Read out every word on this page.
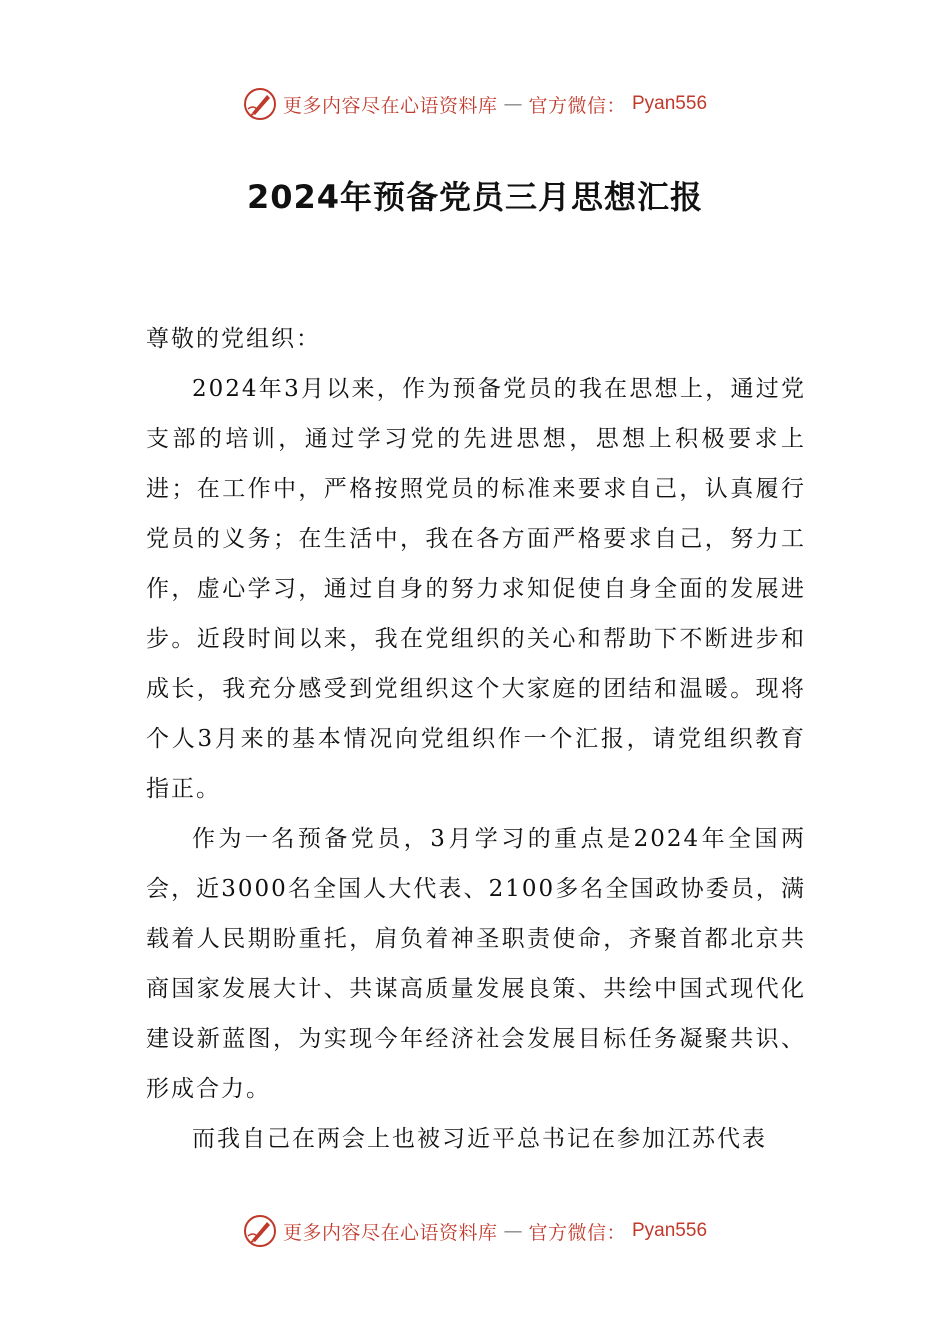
更多内容尽在心语资料库 — 官方微信： Pyan556
2024年预备党员三月思想汇报

尊敬的党组织：

2024年3月以来，作为预备党员的我在思想上，通过党支部的培训，通过学习党的先进思想，思想上积极要求上进；在工作中，严格按照党员的标准来要求自己，认真履行党员的义务；在生活中，我在各方面严格要求自己，努力工作，虚心学习，通过自身的努力求知促使自身全面的发展进步。近段时间以来，我在党组织的关心和帮助下不断进步和成长，我充分感受到党组织这个大家庭的团结和温暖。现将个人3月来的基本情况向党组织作一个汇报，请党组织教育指正。

作为一名预备党员，3月学习的重点是2024年全国两会，近3000名全国人大代表、2100多名全国政协委员，满载着人民期盼重托，肩负着神圣职责使命，齐聚首都北京共商国家发展大计、共谋高质量发展良策、共绘中国式现代化建设新蓝图，为实现今年经济社会发展目标任务凝聚共识、形成合力。

而我自己在两会上也被习近平总书记在参加江苏代表

更多内容尽在心语资料库 — 官方微信： Pyan556
